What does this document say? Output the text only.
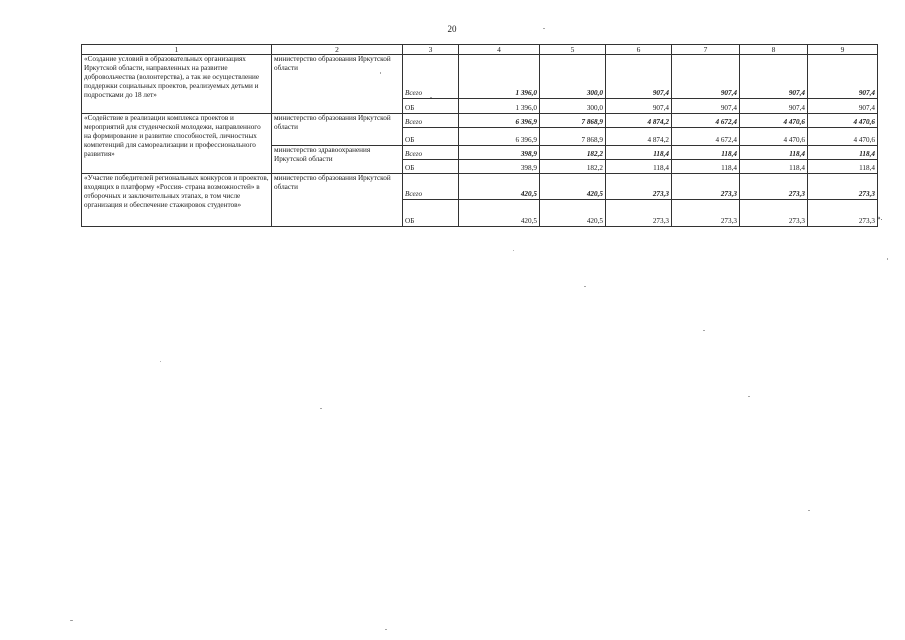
20
1	2	3	4	5	6	7	8	9
«Создание условий в образовательных организациях Иркутской области, направленных на развитие добровольчества (волонтерства), а так же осуществление поддержки социальных проектов, реализуемых детьми и подростками до 18 лет»	министерство образования Иркутской области	Всего	1 396,0	300,0	907,4	907,4	907,4	907,4
		ОБ	1 396,0	300,0	907,4	907,4	907,4	907,4
«Содействие в реализации комплекса проектов и мероприятий для студенческой молодежи, направленного на формирование и развитие способностей, личностных компетенций для самореализации и профессионального развития»	министерство образования Иркутской области	Всего	6 396,9	7 868,9	4 874,2	4 672,4	4 470,6	4 470,6
		ОБ	6 396,9	7 868,9	4 874,2	4 672,4	4 470,6	4 470,6
	министерство здравоохранения Иркутской области	Всего	398,9	182,2	118,4	118,4	118,4	118,4
		ОБ	398,9	182,2	118,4	118,4	118,4	118,4
«Участие победителей региональных конкурсов и проектов, входящих в платформу «Россия- страна возможностей» в отборочных и заключительных этапах, в том числе организация и обеспечение стажировок студентов»	министерство образования Иркутской области	Всего	420,5	420,5	273,3	273,3	273,3	273,3
		ОБ	420,5	420,5	273,3	273,3	273,3	273,3 ».
